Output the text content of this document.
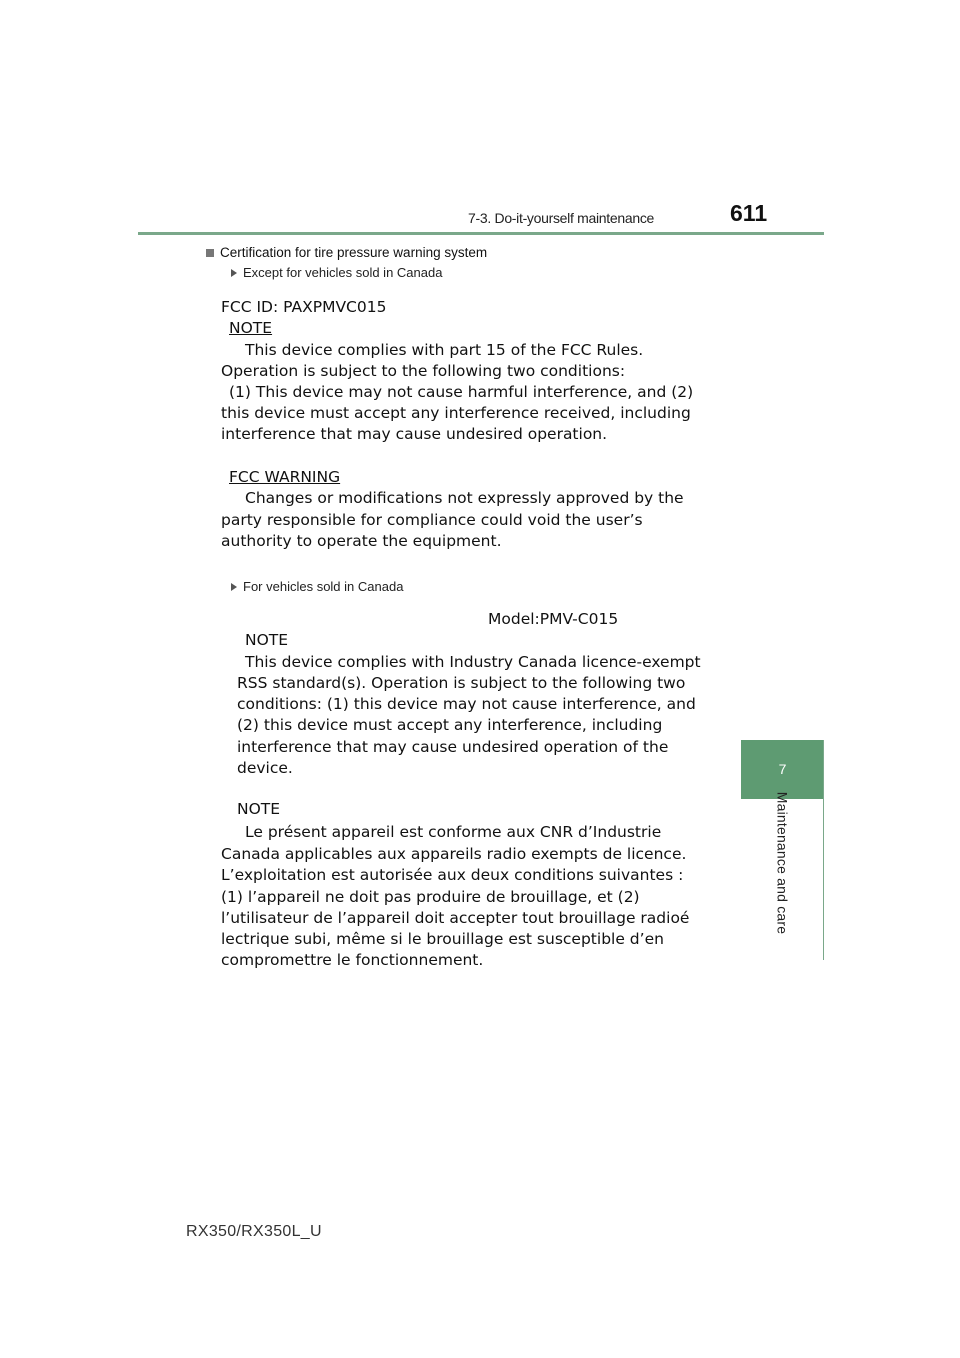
7-3. Do-it-yourself maintenance	611
7
Maintenance and care
Certification for tire pressure warning system
Except for vehicles sold in Canada
FCC ID: PAXPMVC015
NOTE
This device complies with part 15 of the FCC Rules.
Operation is subject to the following two conditions:
(1) This device may not cause harmful interference, and (2)
this device must accept any interference received, including
interference that may cause undesired operation.
FCC WARNING
Changes or modifications not expressly approved by the
party responsible for compliance could void the user’s
authority to operate the equipment.
For vehicles sold in Canada
Model:PMV-C015
NOTE
This device complies with Industry Canada licence-exempt
RSS standard(s). Operation is subject to the following two
conditions: (1) this device may not cause interference, and
(2) this device must accept any interference, including
interference that may cause undesired operation of the
device.
NOTE
Le présent appareil est conforme aux CNR d’Industrie
Canada applicables aux appareils radio exempts de licence.
L’exploitation est autorisée aux deux conditions suivantes :
(1) l’appareil ne doit pas produire de brouillage, et (2)
l’utilisateur de l’appareil doit accepter tout brouillage radioé
lectrique subi, même si le brouillage est susceptible d’en
compromettre le fonctionnement.
RX350/RX350L_U
